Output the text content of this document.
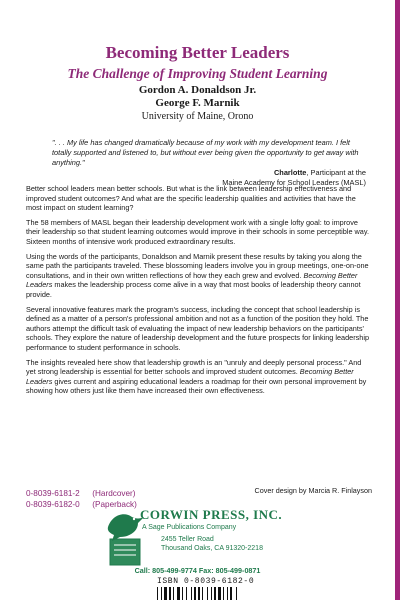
Becoming Better Leaders
The Challenge of Improving Student Learning
Gordon A. Donaldson Jr.
George F. Marnik
University of Maine, Orono
". . . My life has changed dramatically because of my work with my development team. I felt totally supported and listened to, but without ever being given the opportunity to get away with anything."
Charlotte, Participant at the
Maine Academy for School Leaders (MASL)

Better school leaders mean better schools. But what is the link between leadership effectiveness and improved student outcomes? And what are the specific leadership qualities and activities that have the most impact on student learning?

The 58 members of MASL began their leadership development work with a single lofty goal: to improve their leadership so that student learning outcomes would improve in their schools in some perceptible way. Sixteen months of intensive work produced extraordinary results.

Using the words of the participants, Donaldson and Marnik present these results by taking you along the same path the participants traveled. These blossoming leaders involve you in group meetings, one-on-one consultations, and in their own written reflections of how they each grew and evolved. Becoming Better Leaders makes the leadership process come alive in a way that most books of leadership theory cannot provide.

Several innovative features mark the program's success, including the concept that school leadership is defined as a matter of a person's professional ambition and not as a function of the position they hold. The authors attempt the difficult task of evaluating the impact of new leadership behaviors on the participants' schools. They explore the nature of leadership development and the future prospects for linking leadership performance to student performance in schools.

The insights revealed here show that leadership growth is an "unruly and deeply personal process." And yet strong leadership is essential for better schools and improved student outcomes. Becoming Better Leaders gives current and aspiring educational leaders a roadmap for their own personal improvement by showing how others just like them have increased their own effectiveness.

Cover design by Marcia R. Finlayson
0-8039-6181-2 (Hardcover)
0-8039-6182-0 (Paperback)
CORWIN PRESS, INC.
A Sage Publications Company
2455 Teller Road
Thousand Oaks, CA 91320-2218
Call: 805-499-9774 Fax: 805-499-0871
ISBN 0-8039-6182-0
